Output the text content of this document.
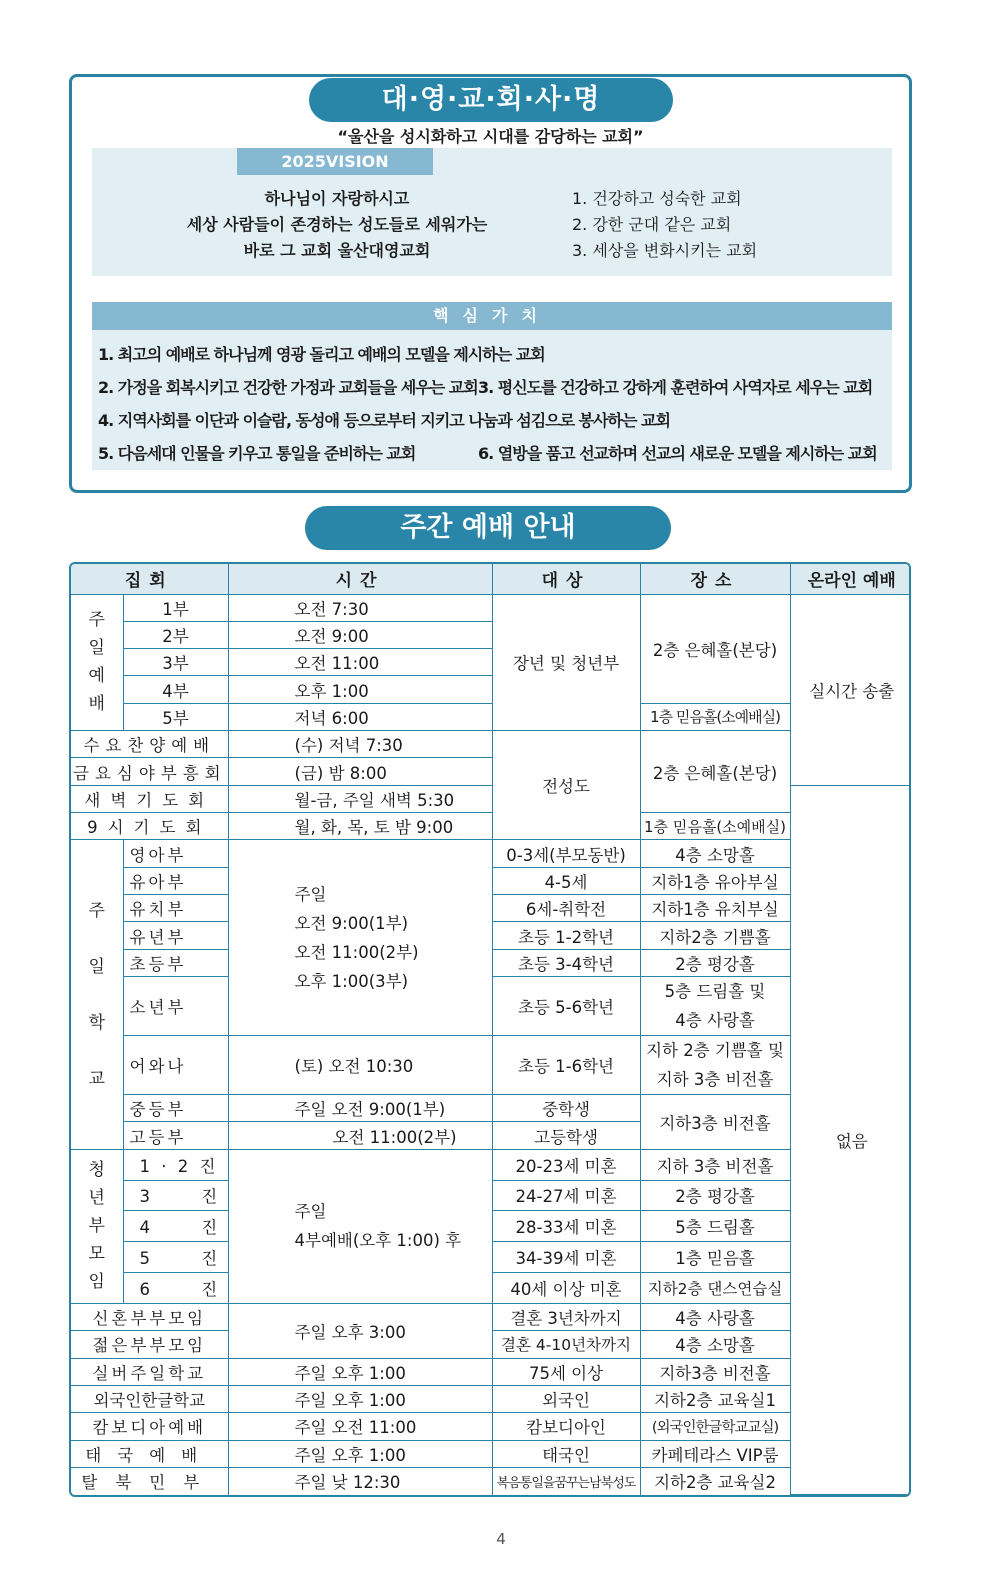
대·영·교·회·사·명
“울산을 성시화하고 시대를 감당하는 교회”
2025VISION
하나님이 자랑하시고
세상 사람들이 존경하는 성도들로 세워가는
바로 그 교회 울산대영교회
1. 건강하고 성숙한 교회
2. 강한 군대 같은 교회
3. 세상을 변화시키는 교회
핵심가치
1. 최고의 예배로 하나님께 영광 돌리고 예배의 모델을 제시하는 교회
2. 가정을 회복시키고 건강한 가정과 교회들을 세우는 교회 3. 평신도를 건강하고 강하게 훈련하여 사역자로 세우는 교회
4. 지역사회를 이단과 이슬람, 동성애 등으로부터 지키고 나눔과 섬김으로 봉사하는 교회
5. 다음세대 인물을 키우고 통일을 준비하는 교회	6. 열방을 품고 선교하며 선교의 새로운 모델을 제시하는 교회
주간 예배 안내
집회		시간	대상	장소	온라인 예배
주일예배	1부	오전 7:30	장년 및 청년부	2층 은혜홀(본당)	실시간 송출
	2부	오전 9:00			
	3부	오전 11:00			
	4부	오후 1:00			
	5부	저녁 6:00		1층 믿음홀(소예배실)	
수요찬양예배		(수) 저녁 7:30	전성도	2층 은혜홀(본당)	
금요심야부흥회		(금) 밤 8:00			
새벽기도회		월-금, 주일 새벽 5:30			없음
9시기도회		월, 화, 목, 토 밤 9:00		1층 믿음홀(소예배실)	
주일학교	영아부	주일
오전 9:00(1부)
오전 11:00(2부)
오후 1:00(3부)	0-3세(부모동반)	4층 소망홀	
	유아부		4-5세	지하1층 유아부실	
	유치부		6세-취학전	지하1층 유치부실	
	유년부		초등 1-2학년	지하2층 기쁨홀	
	초등부		초등 3-4학년	2층 평강홀	
	소년부		초등 5-6학년	5층 드림홀 및
4층 사랑홀	

	어와나	(토) 오전 10:30	초등 1-6학년	지하 2층 기쁨홀 및
지하 3층 비전홀	

	중등부	주일 오전 9:00(1부)	중학생	지하3층 비전홀	
	고등부	오전 11:00(2부)	고등학생		
청년부모임	1 · 2 진	주일
4부예배(오후 1:00) 후	20-23세 미혼	지하 3층 비전홀	
	3 진		24-27세 미혼	2층 평강홀	
	4 진		28-33세 미혼	5층 드림홀	
	5 진		34-39세 미혼	1층 믿음홀	
	6 진		40세 이상 미혼	지하2층 댄스연습실	
신혼부부모임		주일 오후 3:00	결혼 3년차까지	4층 사랑홀	
젊은부부모임			결혼 4-10년차까지	4층 소망홀	
실버주일학교		주일 오후 1:00	75세 이상	지하3층 비전홀	
외국인한글학교		주일 오후 1:00	외국인	지하2층 교육실1	
캄보디아예배		주일 오전 11:00	캄보디아인	(외국인한글학교교실)	
태국예배		주일 오후 1:00	태국인	카페테라스 VIP룸	
탈북민부		주일 낮 12:30	복음통일을꿈꾸는남북성도	지하2층 교육실2	
4
